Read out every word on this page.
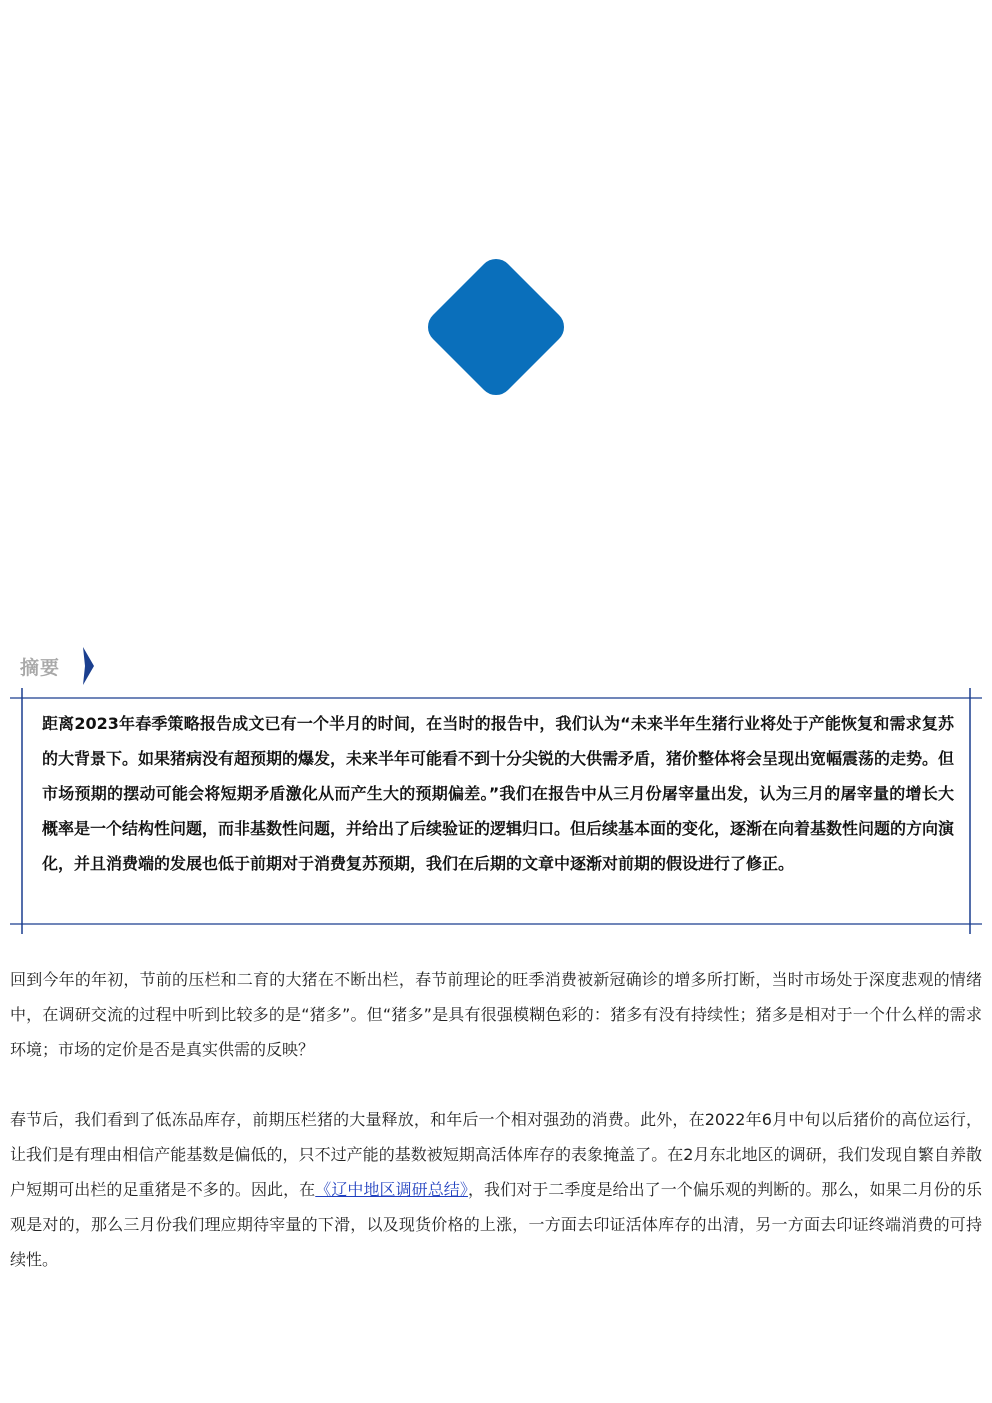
摘要

距离2023年春季策略报告成文已有一个半月的时间，在当时的报告中，我们认为“未来半年生猪行业将处于产能恢复和需求复苏的大背景下。如果猪病没有超预期的爆发，未来半年可能看不到十分尖锐的大供需矛盾，猪价整体将会呈现出宽幅震荡的走势。但市场预期的摆动可能会将短期矛盾激化从而产生大的预期偏差。”我们在报告中从三月份屠宰量出发，认为三月的屠宰量的增长大概率是一个结构性问题，而非基数性问题，并给出了后续验证的逻辑归口。但后续基本面的变化，逐渐在向着基数性问题的方向演化，并且消费端的发展也低于前期对于消费复苏预期，我们在后期的文章中逐渐对前期的假设进行了修正。

回到今年的年初，节前的压栏和二育的大猪在不断出栏，春节前理论的旺季消费被新冠确诊的增多所打断，当时市场处于深度悲观的情绪中，在调研交流的过程中听到比较多的是“猪多”。但“猪多”是具有很强模糊色彩的：猪多有没有持续性；猪多是相对于一个什么样的需求环境；市场的定价是否是真实供需的反映？

春节后，我们看到了低冻品库存，前期压栏猪的大量释放，和年后一个相对强劲的消费。此外，在2022年6月中旬以后猪价的高位运行，让我们是有理由相信产能基数是偏低的，只不过产能的基数被短期高活体库存的表象掩盖了。在2月东北地区的调研，我们发现自繁自养散户短期可出栏的足重猪是不多的。因此，在《辽中地区调研总结》，我们对于二季度是给出了一个偏乐观的判断的。那么，如果二月份的乐观是对的，那么三月份我们理应期待宰量的下滑，以及现货价格的上涨，一方面去印证活体库存的出清，另一方面去印证终端消费的可持续性。
